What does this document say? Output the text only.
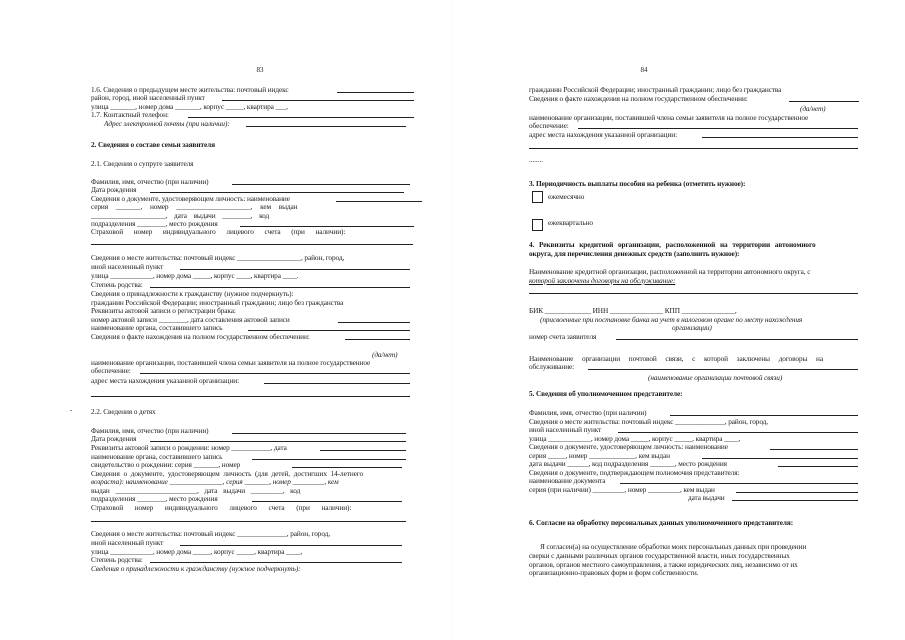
83
1.6. Сведения о предыдущем месте жительства: почтовый индекс
район, город, иной населенный пункт
улица _______, номер дома _______, корпус _____, квартира ___,
1.7. Контактный телефон:
Адрес электронной почты (при наличии):
2. Сведения о составе семьи заявителя
2.1. Сведения о супруге заявителя
Фамилия, имя, отчество (при наличии)
Дата рождения
Сведения о документе, удостоверяющем личность: наименование
серия _______, номер _____________________, кем выдан
_____________________, дата выдачи ________, код
подразделения ________, место рождения
Страховой номер индивидуального лицевого счета (при наличии):
Сведения о месте жительства: почтовый индекс __________________, район, город,
иной населенный пункт
улица ____________, номер дома _____, корпус ____, квартира ____.
Степень родства:
Сведения о принадлежности к гражданству (нужное подчеркнуть):
гражданин Российской Федерации; иностранный гражданин; лицо без гражданства
Реквизиты актовой записи о регистрации брака:
номер актовой записи ________, дата составления актовой записи
наименование органа, составившего запись
Сведения о факте нахождения на полном государственном обеспечении:
(да/нет)
наименование организации, поставившей члена семьи заявителя на полное государственное
обеспечение:
адрес места нахождения указанной организации:
-	2.2. Сведения о детях
Фамилия, имя, отчество (при наличии)
Дата рождения
Реквизиты актовой записи о рождении: номер ___________, дата
наименование органа, составившего запись
свидетельство о рождении: серия _______, номер
Сведения о документе, удостоверяющем личность (для детей, достигших 14-летнего
возраста): наименование _______________, серия _______, номер _________, кем
выдан _______________________, дата выдачи _________, код
подразделения ________, место рождения
Страховой номер индивидуального лицевого счета (при наличии):
Сведения о месте жительства: почтовый индекс ______________, район, город,
иной населенный пункт
улица ____________, номер дома _____, корпус _____, квартира ____,
Степень родства:
Сведения о принадлежности к гражданству (нужное подчеркнуть):
84
гражданин Российской Федерации; иностранный гражданин; лицо без гражданства
Сведения о факте нахождения на полном государственном обеспечении:
(да/нет)
наименование организации, поставившей члена семьи заявителя на полное государственное
обеспечение:
адрес места нахождения указанной организации:
........
3. Периодичность выплаты пособия на ребенка (отметить нужное):
ежемесячно
ежеквартально
4. Реквизиты кредитной организации, расположенной на территории автономного
округа, для перечисления денежных средств (заполнить нужное):
Наименование кредитной организации, расположенной на территории автономного округа, с
которой заключены договоры на обслуживание:
БИК _____________ ИНН _______________ КПП _______________,
(присвоенные при постановке банка на учет в налоговом органе по месту нахождения
организации)
номер счета заявителя
Наименование организации почтовой связи, с которой заключены договоры на
обслуживание:
(наименование организации почтовой связи)
5. Сведения об уполномоченном представителе:
Фамилия, имя, отчество (при наличии)
Сведения о месте жительства: почтовый индекс ______________, район, город,
иной населенный пункт
улица ____________, номер дома _____, корпус _____, квартира ____,
Сведения о документе, удостоверяющем личность: наименование
серия _____, номер _____________, кем выдан
дата выдачи ______, код подразделения _______, место рождения
Сведения о документе, подтверждающем полномочия представителя:
наименование документа
серия (при наличии) _________, номер _________, кем выдан
дата выдачи
6. Согласие на обработку персональных данных уполномоченного представителя:
Я согласен(а) на осуществление обработки моих персональных данных при проведении
сверки с данными различных органов государственной власти, иных государственных
органов, органов местного самоуправления, а также юридических лиц, независимо от их
организационно-правовых форм и форм собственности.
